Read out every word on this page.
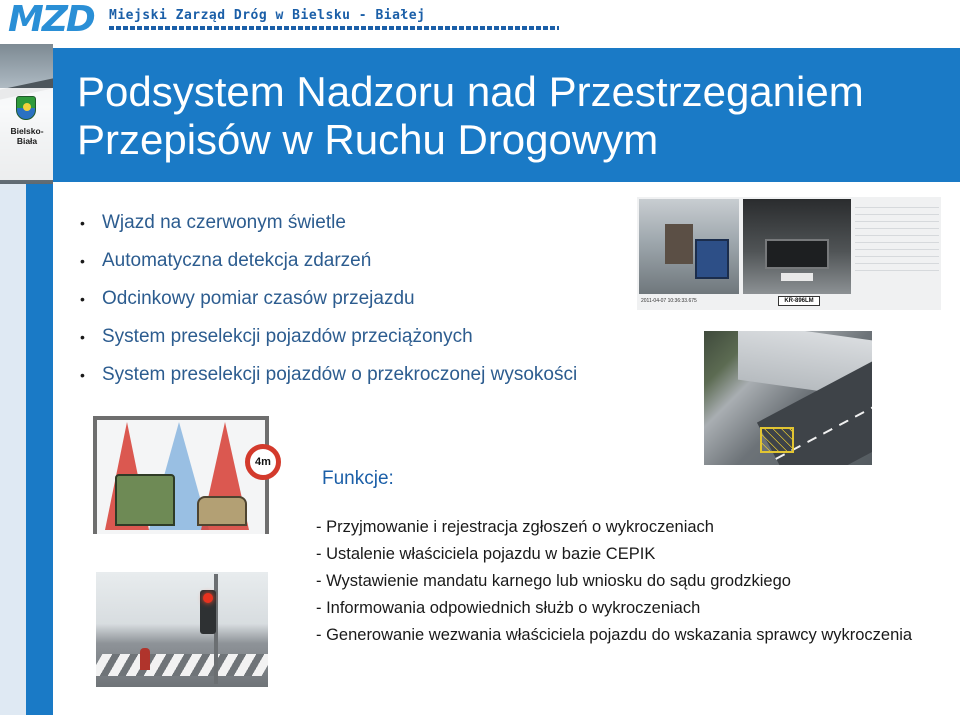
MZD Miejski Zarząd Dróg w Bielsku - Białej
Bielsko-Biała
Podsystem Nadzoru nad Przestrzeganiem Przepisów w Ruchu Drogowym
• Wjazd na czerwonym świetle
• Automatyczna detekcja zdarzeń
• Odcinkowy pomiar czasów przejazdu
• System preselekcji pojazdów przeciążonych
• System preselekcji pojazdów o przekroczonej wysokości
2011-04-07 10:36:33.675	KR-896LM
4m
Funkcje:
- Przyjmowanie i rejestracja zgłoszeń o wykroczeniach
- Ustalenie właściciela pojazdu w bazie CEPIK
- Wystawienie mandatu karnego lub wniosku do sądu grodzkiego
- Informowania odpowiednich służb o wykroczeniach
- Generowanie wezwania właściciela pojazdu do wskazania sprawcy wykroczenia
